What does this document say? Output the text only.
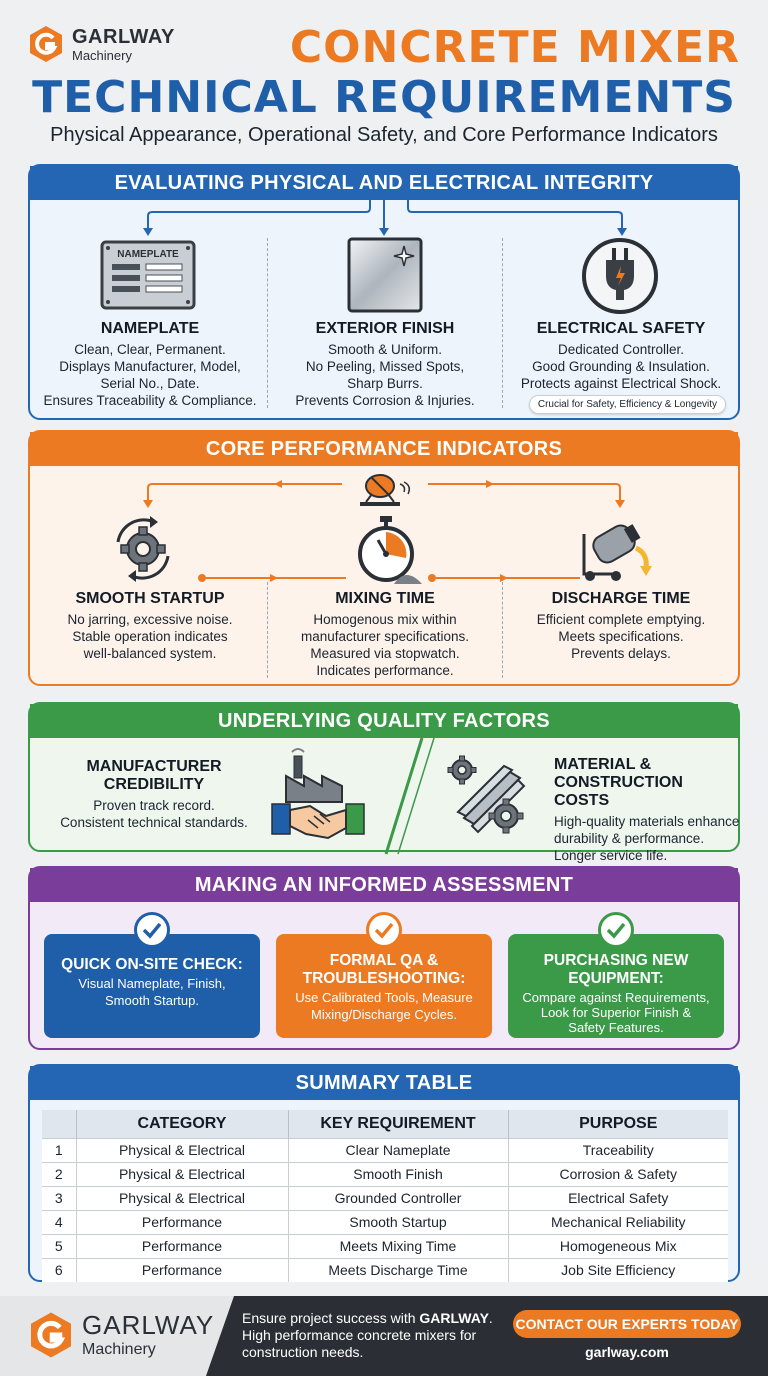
GARLWAY
Machinery	CONCRETE MIXER
TECHNICAL REQUIREMENTS
Physical Appearance, Operational Safety, and Core Performance Indicators
EVALUATING PHYSICAL AND ELECTRICAL INTEGRITY
NAMEPLATE
NAMEPLATE
Clean, Clear, Permanent.
Displays Manufacturer, Model,
Serial No., Date.
Ensures Traceability & Compliance.
EXTERIOR FINISH
Smooth & Uniform.
No Peeling, Missed Spots,
Sharp Burrs.
Prevents Corrosion & Injuries.
ELECTRICAL SAFETY
Dedicated Controller.
Good Grounding & Insulation.
Protects against Electrical Shock.
Crucial for Safety, Efficiency & Longevity
CORE PERFORMANCE INDICATORS
SMOOTH STARTUP
No jarring, excessive noise.
Stable operation indicates
well-balanced system.
MIXING TIME
Homogenous mix within
manufacturer specifications.
Measured via stopwatch.
Indicates performance.
DISCHARGE TIME
Efficient complete emptying.
Meets specifications.
Prevents delays.
UNDERLYING QUALITY FACTORS
MANUFACTURER
CREDIBILITY
Proven track record.
Consistent technical standards.
MATERIAL &
CONSTRUCTION COSTS
High-quality materials enhance
durability & performance.
Longer service life.
MAKING AN INFORMED ASSESSMENT
QUICK ON-SITE CHECK:
Visual Nameplate, Finish,
Smooth Startup.
FORMAL QA &
TROUBLESHOOTING:
Use Calibrated Tools, Measure
Mixing/Discharge Cycles.
PURCHASING NEW
EQUIPMENT:
Compare against Requirements,
Look for Superior Finish &
Safety Features.
SUMMARY TABLE
	CATEGORY	KEY REQUIREMENT	PURPOSE
1	Physical & Electrical	Clear Nameplate	Traceability
2	Physical & Electrical	Smooth Finish	Corrosion & Safety
3	Physical & Electrical	Grounded Controller	Electrical Safety
4	Performance	Smooth Startup	Mechanical Reliability
5	Performance	Meets Mixing Time	Homogeneous Mix
6	Performance	Meets Discharge Time	Job Site Efficiency
GARLWAY
Machinery
Ensure project success with GARLWAY. High performance concrete mixers for construction needs.
CONTACT OUR EXPERTS TODAY
garlway.com
